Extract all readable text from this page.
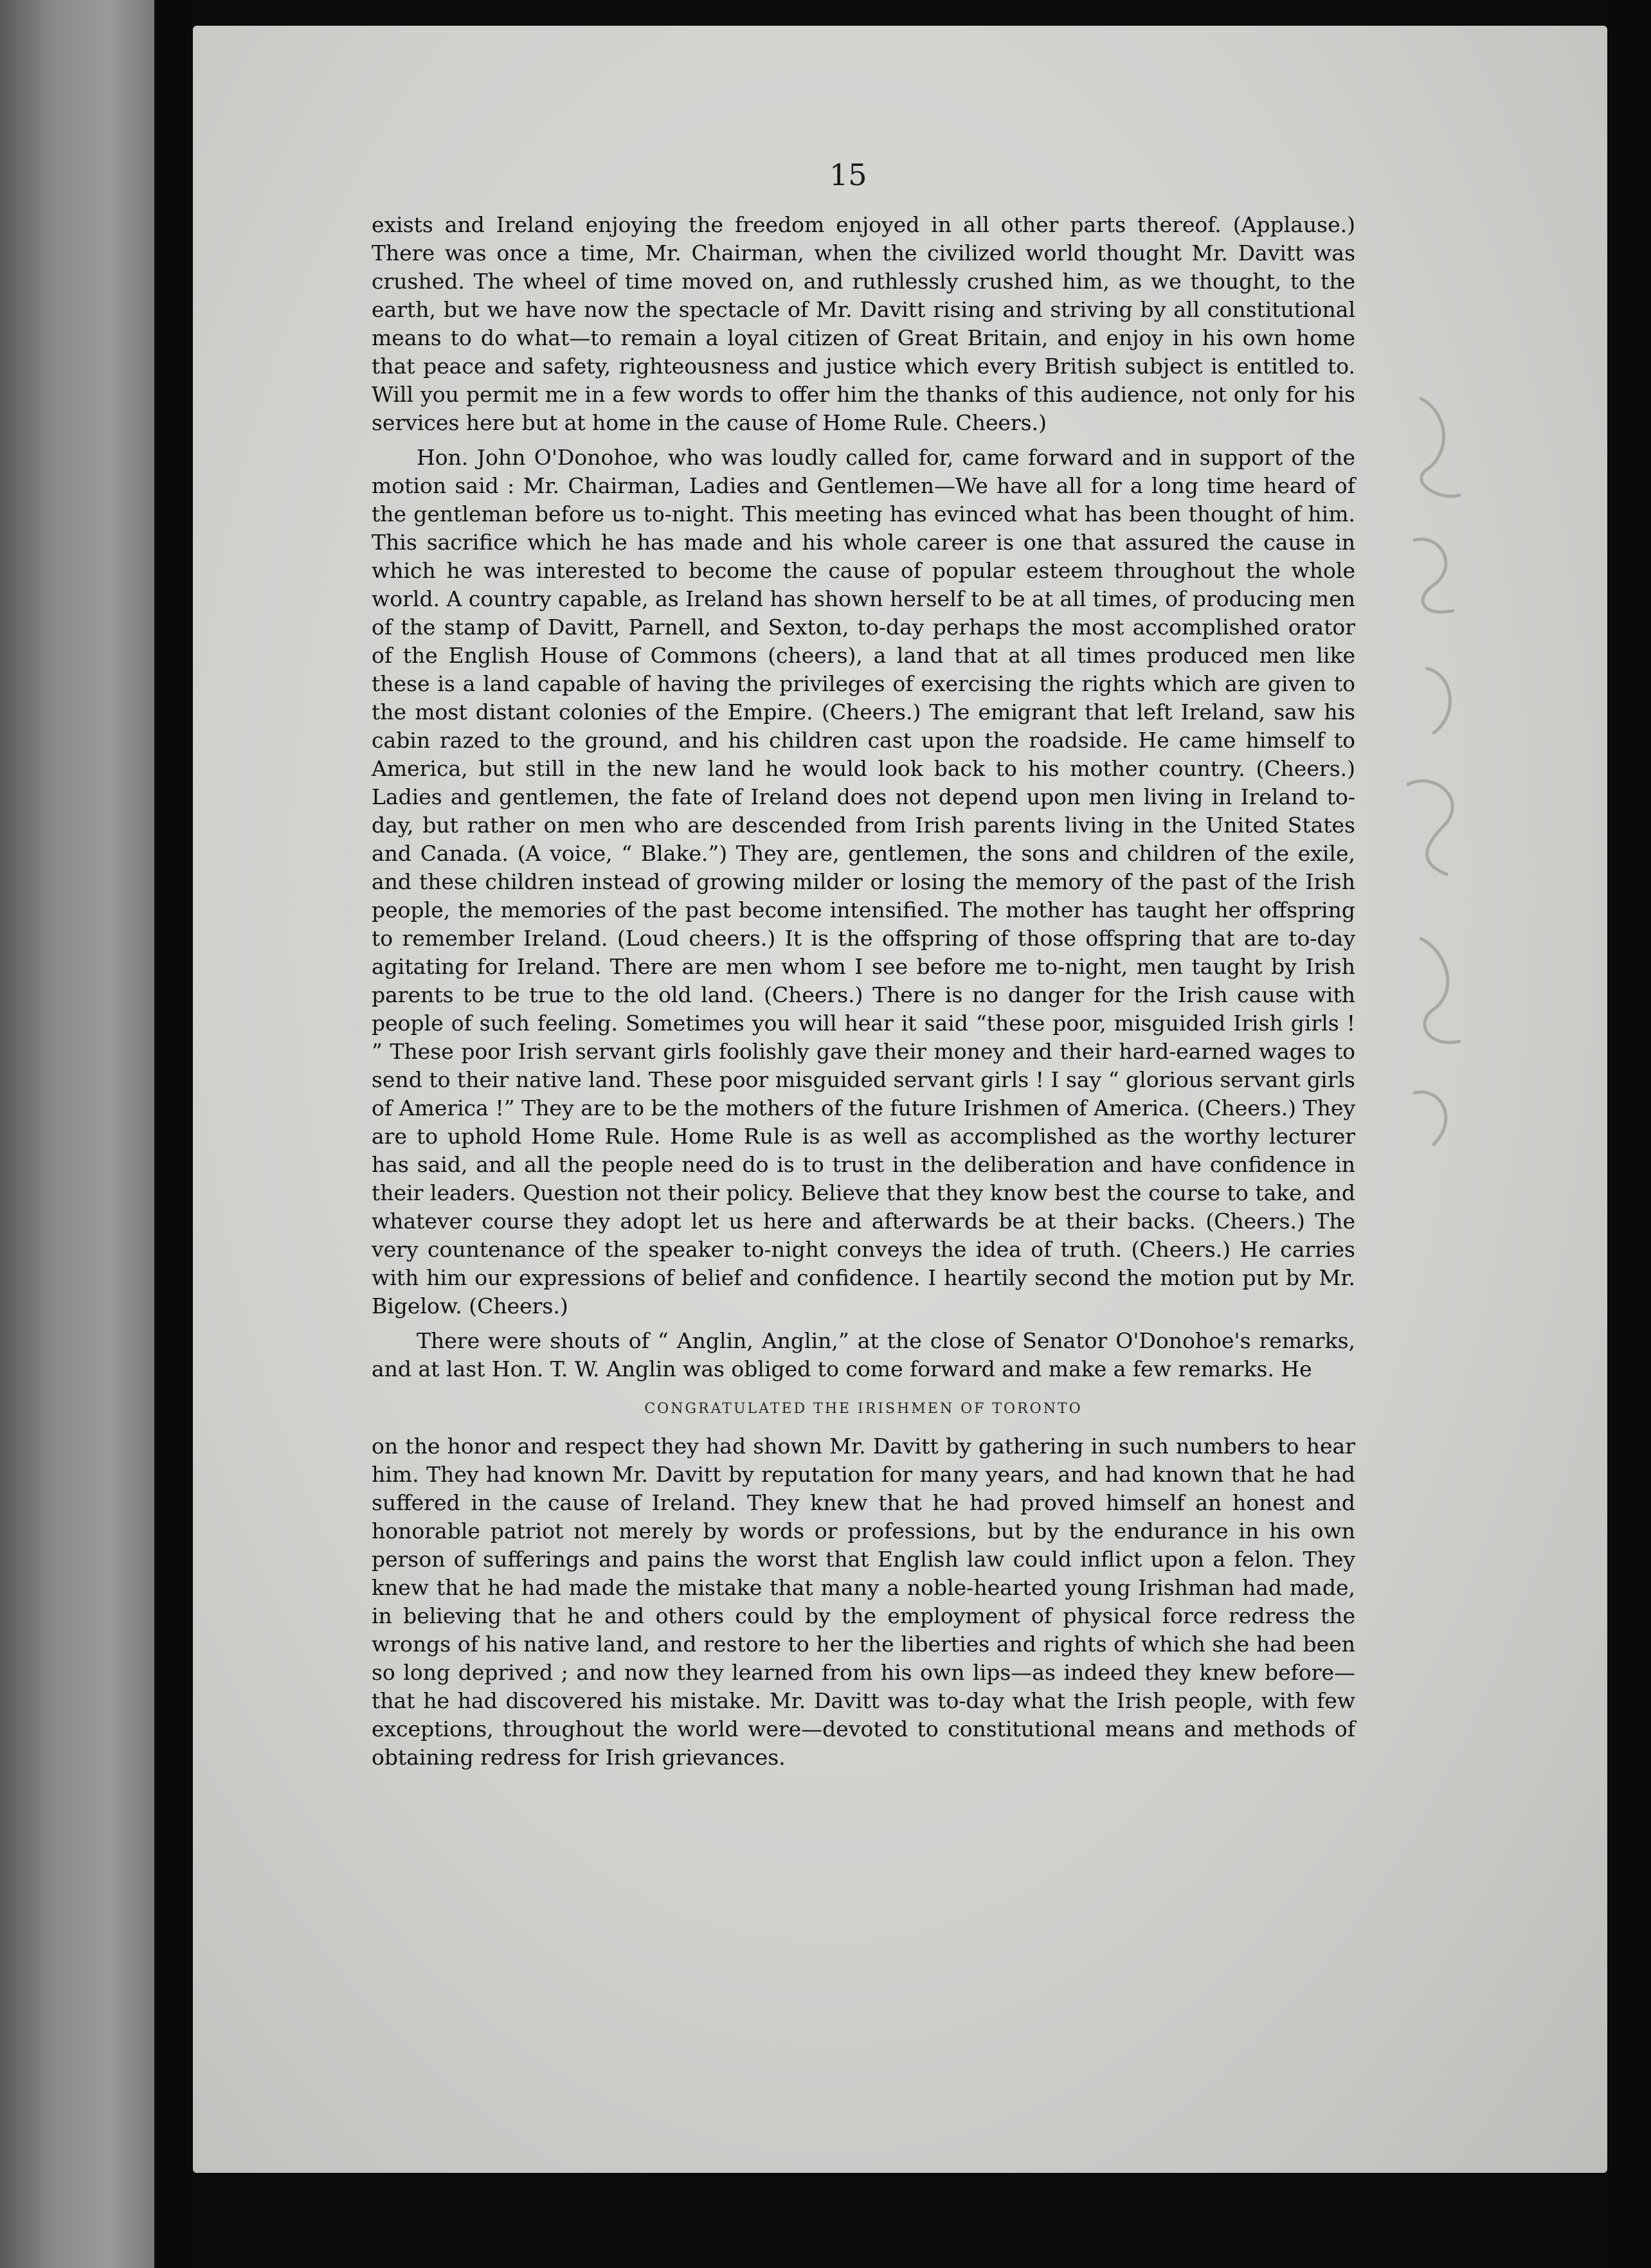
15

exists and Ireland enjoying the freedom enjoyed in all other parts thereof. (Applause.) There was once a time, Mr. Chairman, when the civilized world thought Mr. Davitt was crushed. The wheel of time moved on, and ruthlessly crushed him, as we thought, to the earth, but we have now the spectacle of Mr. Davitt rising and striving by all constitutional means to do what—to remain a loyal citizen of Great Britain, and enjoy in his own home that peace and safety, righteousness and justice which every British subject is entitled to. Will you permit me in a few words to offer him the thanks of this audience, not only for his services here but at home in the cause of Home Rule. Cheers.)

Hon. John O'Donohoe, who was loudly called for, came forward and in support of the motion said : Mr. Chairman, Ladies and Gentlemen—We have all for a long time heard of the gentleman before us to-night. This meeting has evinced what has been thought of him. This sacrifice which he has made and his whole career is one that assured the cause in which he was interested to become the cause of popular esteem throughout the whole world. A country capable, as Ireland has shown herself to be at all times, of producing men of the stamp of Davitt, Parnell, and Sexton, to-day perhaps the most accomplished orator of the English House of Commons (cheers), a land that at all times produced men like these is a land capable of having the privileges of exercising the rights which are given to the most distant colonies of the Empire. (Cheers.) The emigrant that left Ireland, saw his cabin razed to the ground, and his children cast upon the roadside. He came himself to America, but still in the new land he would look back to his mother country. (Cheers.) Ladies and gentlemen, the fate of Ireland does not depend upon men living in Ireland to-day, but rather on men who are descended from Irish parents living in the United States and Canada. (A voice, “ Blake.”) They are, gentlemen, the sons and children of the exile, and these children instead of growing milder or losing the memory of the past of the Irish people, the memories of the past become intensified. The mother has taught her offspring to remember Ireland. (Loud cheers.) It is the offspring of those offspring that are to-day agitating for Ireland. There are men whom I see before me to-night, men taught by Irish parents to be true to the old land. (Cheers.) There is no danger for the Irish cause with people of such feeling. Sometimes you will hear it said “these poor, misguided Irish girls ! ” These poor Irish servant girls foolishly gave their money and their hard-earned wages to send to their native land. These poor misguided servant girls ! I say “ glorious servant girls of America !” They are to be the mothers of the future Irishmen of America. (Cheers.) They are to uphold Home Rule. Home Rule is as well as accomplished as the worthy lecturer has said, and all the people need do is to trust in the deliberation and have confidence in their leaders. Question not their policy. Believe that they know best the course to take, and whatever course they adopt let us here and afterwards be at their backs. (Cheers.) The very countenance of the speaker to-night conveys the idea of truth. (Cheers.) He carries with him our expressions of belief and confidence. I heartily second the motion put by Mr. Bigelow. (Cheers.)

There were shouts of “ Anglin, Anglin,” at the close of Senator O'Donohoe's remarks, and at last Hon. T. W. Anglin was obliged to come forward and make a few remarks. He

CONGRATULATED THE IRISHMEN OF TORONTO

on the honor and respect they had shown Mr. Davitt by gathering in such numbers to hear him. They had known Mr. Davitt by reputation for many years, and had known that he had suffered in the cause of Ireland. They knew that he had proved himself an honest and honorable patriot not merely by words or professions, but by the endurance in his own person of sufferings and pains the worst that English law could inflict upon a felon. They knew that he had made the mistake that many a noble-hearted young Irishman had made, in believing that he and others could by the employment of physical force redress the wrongs of his native land, and restore to her the liberties and rights of which she had been so long deprived ; and now they learned from his own lips—as indeed they knew before—that he had discovered his mistake. Mr. Davitt was to-day what the Irish people, with few exceptions, throughout the world were—devoted to constitutional means and methods of obtaining redress for Irish grievances.
